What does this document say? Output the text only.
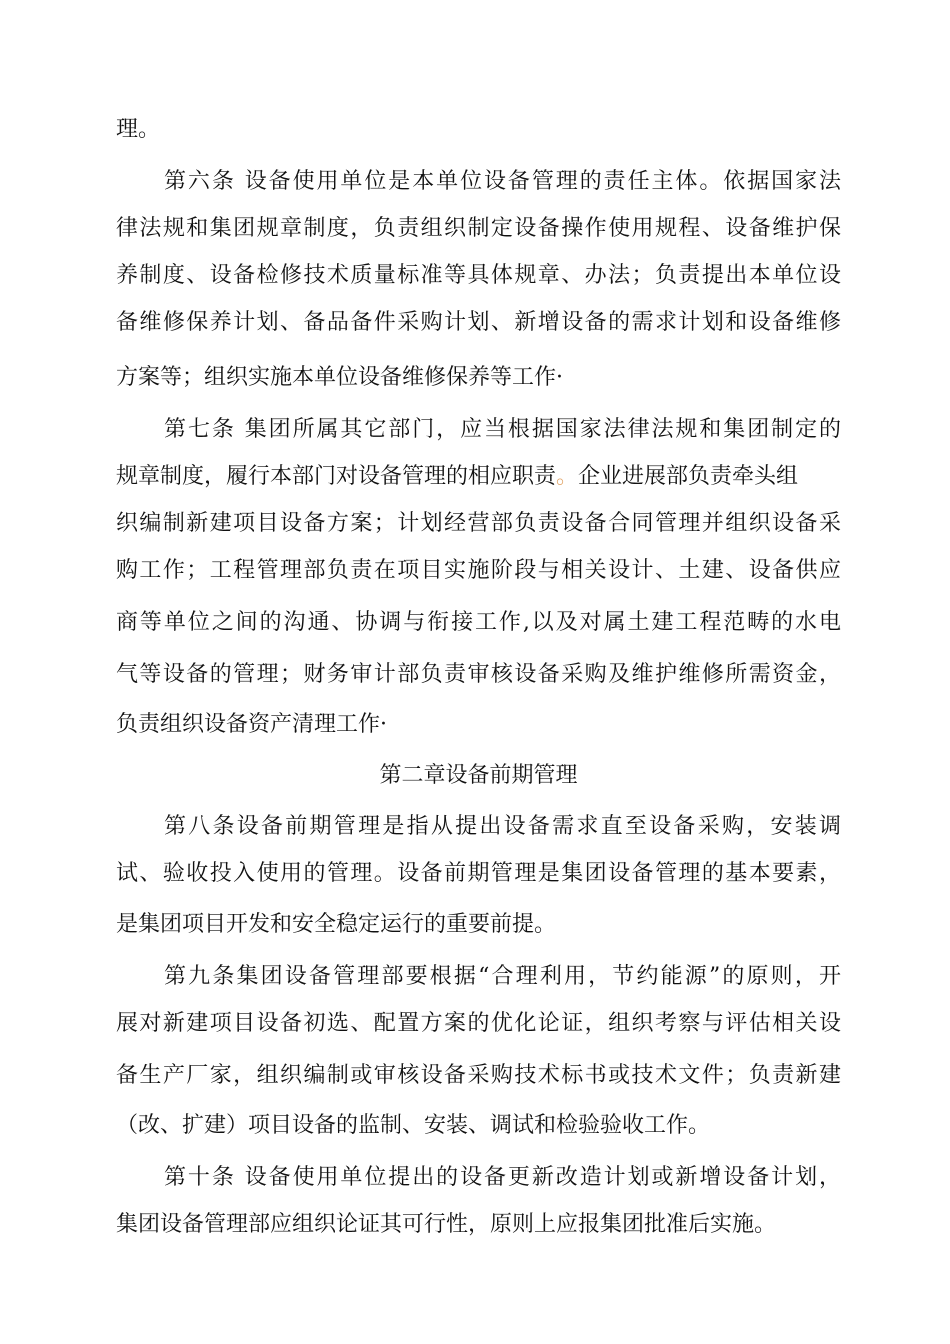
理。
第六条 设备使用单位是本单位设备管理的责任主体。依据国家法
律法规和集团规章制度，负责组织制定设备操作使用规程、设备维护保
养制度、设备检修技术质量标准等具体规章、办法；负责提出本单位设
备维修保养计划、备品备件采购计划、新增设备的需求计划和设备维修
方案等；组织实施本单位设备维修保养等工作·
第七条 集团所属其它部门，应当根据国家法律法规和集团制定的
规章制度，履行本部门对设备管理的相应职责。企业进展部负责牵头组
织编制新建项目设备方案；计划经营部负责设备合同管理并组织设备采
购工作；工程管理部负责在项目实施阶段与相关设计、土建、设备供应
商等单位之间的沟通、协调与衔接工作,以及对属土建工程范畴的水电
气等设备的管理；财务审计部负责审核设备采购及维护维修所需资金，
负责组织设备资产清理工作·
第二章设备前期管理
第八条设备前期管理是指从提出设备需求直至设备采购，安装调
试、验收投入使用的管理。设备前期管理是集团设备管理的基本要素，
是集团项目开发和安全稳定运行的重要前提。
第九条集团设备管理部要根据“合理利用，节约能源”的原则，开
展对新建项目设备初选、配置方案的优化论证，组织考察与评估相关设
备生产厂家，组织编制或审核设备采购技术标书或技术文件；负责新建
（改、扩建）项目设备的监制、安装、调试和检验验收工作。
第十条 设备使用单位提出的设备更新改造计划或新增设备计划，
集团设备管理部应组织论证其可行性，原则上应报集团批准后实施。
